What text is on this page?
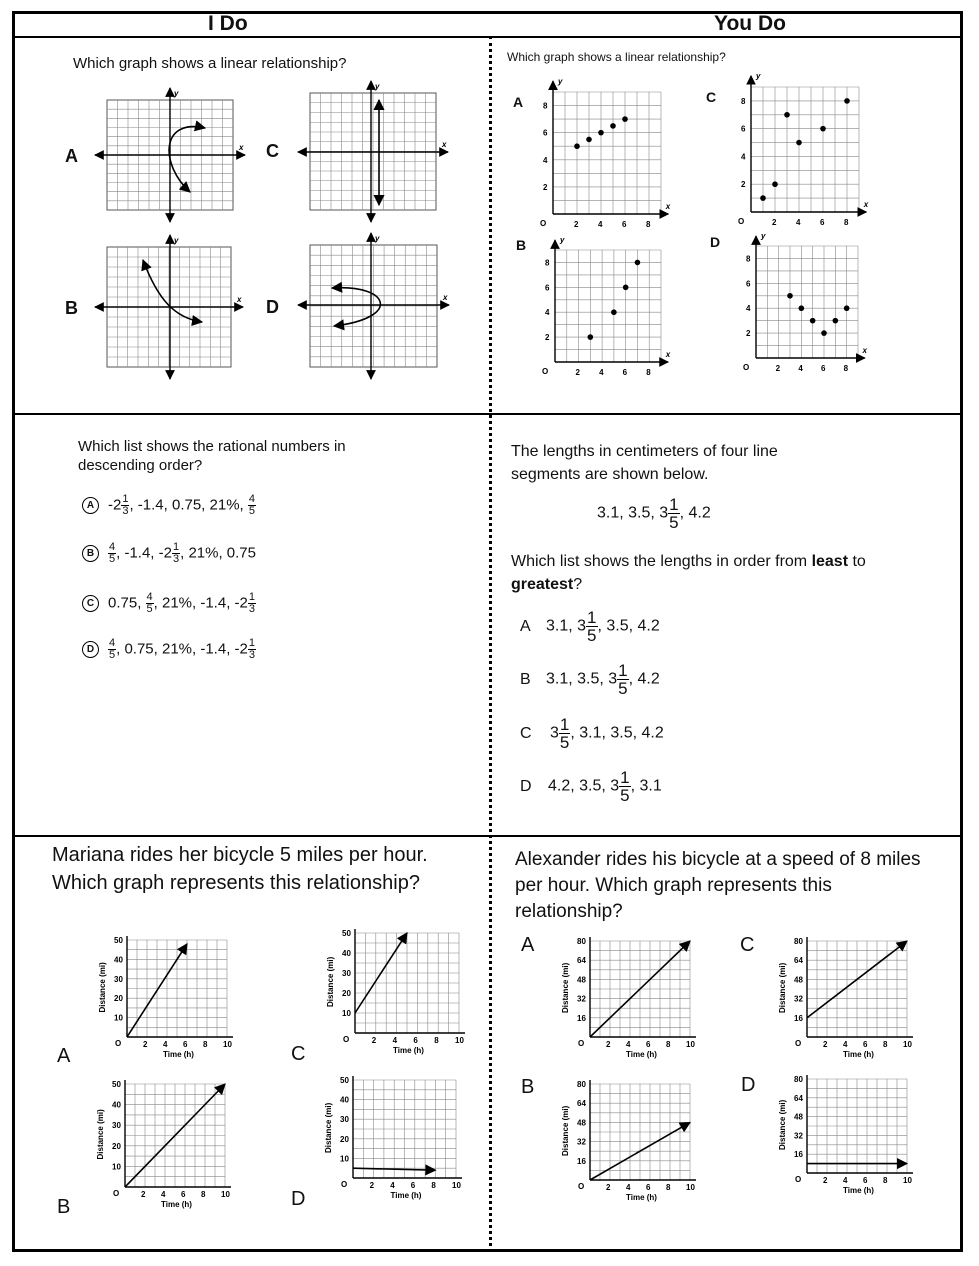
I Do	You Do
Which graph shows a linear relationship?
A
B
C
D
x
y
x
y
x
y
x
y
Which graph shows a linear relationship?
A	C
B	D
O
x
y
2
2
4
4
6
6
8
8
O
x
y
2
2
4
4
6
6
8
8
O
x
y
2
2
4
4
6
6
8
8
O
x
y
2
2
4
4
6
6
8
8
Which list shows the rational numbers in descending order?
A $-2 \frac{1}{3}$ , -1.4, 0.75, 21%, $\frac{4}{5}$
B $\frac{4}{5}$ , -1.4, $-2 \frac{1}{3}$ , 21%, 0.75
C 0.75, $\frac{4}{5}$ , 21%, -1.4, $-2 \frac{1}{3}$
D $\frac{4}{5}$ , 0.75, 21%, -1.4, $-2 \frac{1}{3}$
The lengths in centimeters of four line segments are shown below.
3.1, 3.5, $3 \frac{1}{5}$ , 4.2
Which list shows the lengths in order from least to greatest?
A 3.1, $3 \frac{1}{5}$ , 3.5, 4.2
B 3.1, 3.5, $3 \frac{1}{5}$ , 4.2
C $3 \frac{1}{5}$ , 3.1, 3.5, 4.2
D 4.2, 3.5, $3 \frac{1}{5}$ , 3.1
Mariana rides her bicycle 5 miles per hour. Which graph represents this relationship?
Alexander rides his bicycle at a speed of 8 miles per hour. Which graph represents this relationship?
A
B
C
D
A
B
C
D
O	2 4 6 8 10
10
20
30
40
50
Time (h)
Distance (mi)
O	2 4 6 8 10
10
20
30
40
50
Time (h)
Distance (mi)
O	2 4 6 8 10
10
20
30
40
50
Time (h)
Distance (mi)
O	2 4 6 8 10
10
20
30
40
50
Time (h)
Distance (mi)
O	2 4 6 8 10
16
32
48
64
80
Time (h)
Distance (mi)
O	2 4 6 8 10
16
32
48
64
80
Time (h)
Distance (mi)
O	2 4 6 8 10
16
32
48
64
80
Time (h)
Distance (mi)
O	2 4 6 8 10
16
32
48
64
80
Time (h)
Distance (mi)
